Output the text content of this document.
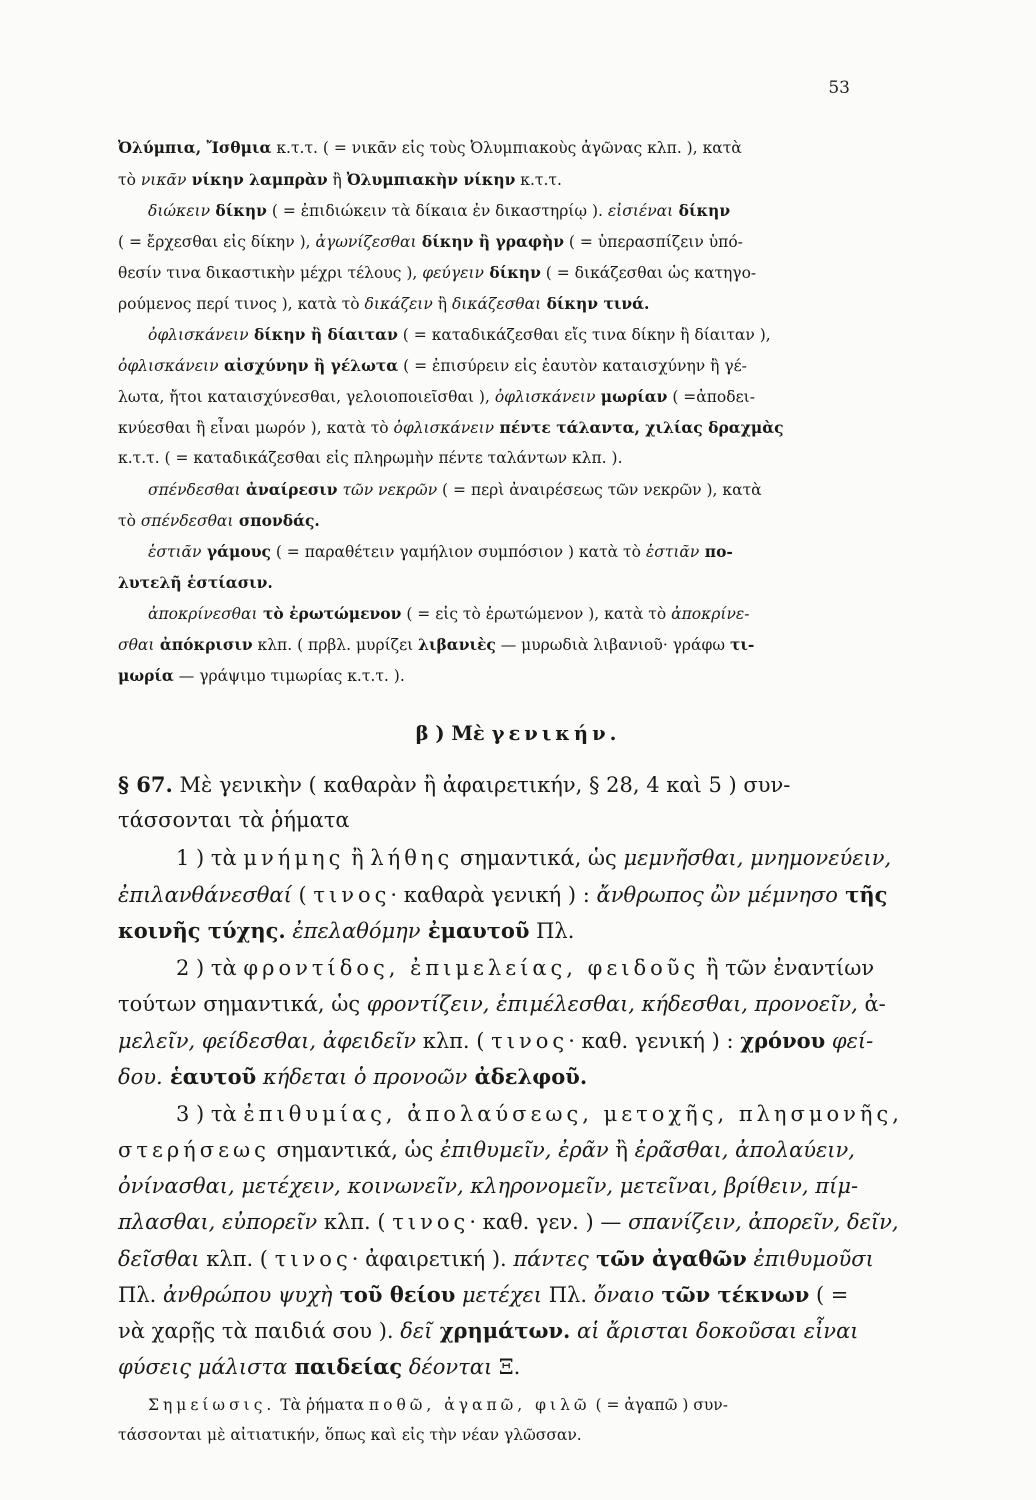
53
Ὀλύμπια, Ἴσθμια κ.τ.τ. ( = νικᾶν εἰς τοὺς Ὀλυμπιακοὺς ἀγῶνας κλπ. ), κατὰ
τὸ νικᾶν νίκην λαμπρὰν ἢ Ὀλυμπιακὴν νίκην κ.τ.τ.
διώκειν δίκην ( = ἐπιδιώκειν τὰ δίκαια ἐν δικαστηρίῳ ). εἰσιέναι δίκην
( = ἔρχεσθαι εἰς δίκην ), ἀγωνίζεσθαι δίκην ἢ γραφὴν ( = ὑπερασπίζειν ὑπό-
θεσίν τινα δικαστικὴν μέχρι τέλους ), φεύγειν δίκην ( = δικάζεσθαι ὡς κατηγο-
ρούμενος περί τινος ), κατὰ τὸ δικάζειν ἢ δικάζεσθαι δίκην τινά.
ὀφλισκάνειν δίκην ἢ δίαιταν ( = καταδικάζεσθαι εἴς τινα δίκην ἢ δίαιταν ),
ὀφλισκάνειν αἰσχύνην ἢ γέλωτα ( = ἐπισύρειν εἰς ἑαυτὸν καταισχύνην ἢ γέ-
λωτα, ἤτοι καταισχύνεσθαι, γελοιοποιεῖσθαι ), ὀφλισκάνειν μωρίαν ( =ἀποδει-
κνύεσθαι ἢ εἶναι μωρόν ), κατὰ τὸ ὀφλισκάνειν πέντε τάλαντα, χιλίας δραχμὰς
κ.τ.τ. ( = καταδικάζεσθαι εἰς πληρωμὴν πέντε ταλάντων κλπ. ).
σπένδεσθαι ἀναίρεσιν τῶν νεκρῶν ( = περὶ ἀναιρέσεως τῶν νεκρῶν ), κατὰ
τὸ σπένδεσθαι σπονδάς.
ἑστιᾶν γάμους ( = παραθέτειν γαμήλιον συμπόσιον ) κατὰ τὸ ἑστιᾶν πο-
λυτελῆ ἑστίασιν.
ἀποκρίνεσθαι τὸ ἐρωτώμενον ( = εἰς τὸ ἐρωτώμενον ), κατὰ τὸ ἀποκρίνε-
σθαι ἀπόκρισιν κλπ. ( πρβλ. μυρίζει λιβανιὲς — μυρωδιὰ λιβανιοῦ· γράφω τι-
μωρία — γράψιμο τιμωρίας κ.τ.τ. ).
β ) Μὲ γενικήν.
§ 67. Μὲ γενικὴν ( καθαρὰν ἢ ἀφαιρετικήν, § 28, 4 καὶ 5 ) συν-
τάσσονται τὰ ῥήματα
1 ) τὰ μνήμης ἢ λήθης σημαντικά, ὡς μεμνῆσθαι, μνημονεύειν,
ἐπιλανθάνεσθαί ( τινος· καθαρὰ γενική ) : ἄνθρωπος ὢν μέμνησο τῆς
κοινῆς τύχης. ἐπελαθόμην ἐμαυτοῦ Πλ.
2 ) τὰ φροντίδος, ἐπιμελείας, φειδοῦς ἢ τῶν ἐναντίων
τούτων σημαντικά, ὡς φροντίζειν, ἐπιμέλεσθαι, κήδεσθαι, προνοεῖν, ἀ-
μελεῖν, φείδεσθαι, ἀφειδεῖν κλπ. ( τινος· καθ. γενική ) : χρόνου φεί-
δου. ἑαυτοῦ κήδεται ὁ προνοῶν ἀδελφοῦ.
3 ) τὰ ἐπιθυμίας, ἀπολαύσεως, μετοχῆς, πλησμονῆς,
στερήσεως σημαντικά, ὡς ἐπιθυμεῖν, ἐρᾶν ἢ ἐρᾶσθαι, ἀπολαύειν,
ὀνίνασθαι, μετέχειν, κοινωνεῖν, κληρονομεῖν, μετεῖναι, βρίθειν, πίμ-
πλασθαι, εὐπορεῖν κλπ. ( τινος· καθ. γεν. ) — σπανίζειν, ἀπορεῖν, δεῖν,
δεῖσθαι κλπ. ( τινος· ἀφαιρετική ). πάντες τῶν ἀγαθῶν ἐπιθυμοῦσι
Πλ. ἀνθρώπου ψυχὴ τοῦ θείου μετέχει Πλ. ὄναιο τῶν τέκνων ( =
νὰ χαρῇς τὰ παιδιά σου ). δεῖ χρημάτων. αἱ ἄρισται δοκοῦσαι εἶναι
φύσεις μάλιστα παιδείας δέονται Ξ.
Σημείωσις. Τὰ ῥήματα ποθῶ, ἀγαπῶ, φιλῶ ( = ἀγαπῶ ) συν-
τάσσονται μὲ αἰτιατικήν, ὅπως καὶ εἰς τὴν νέαν γλῶσσαν.
